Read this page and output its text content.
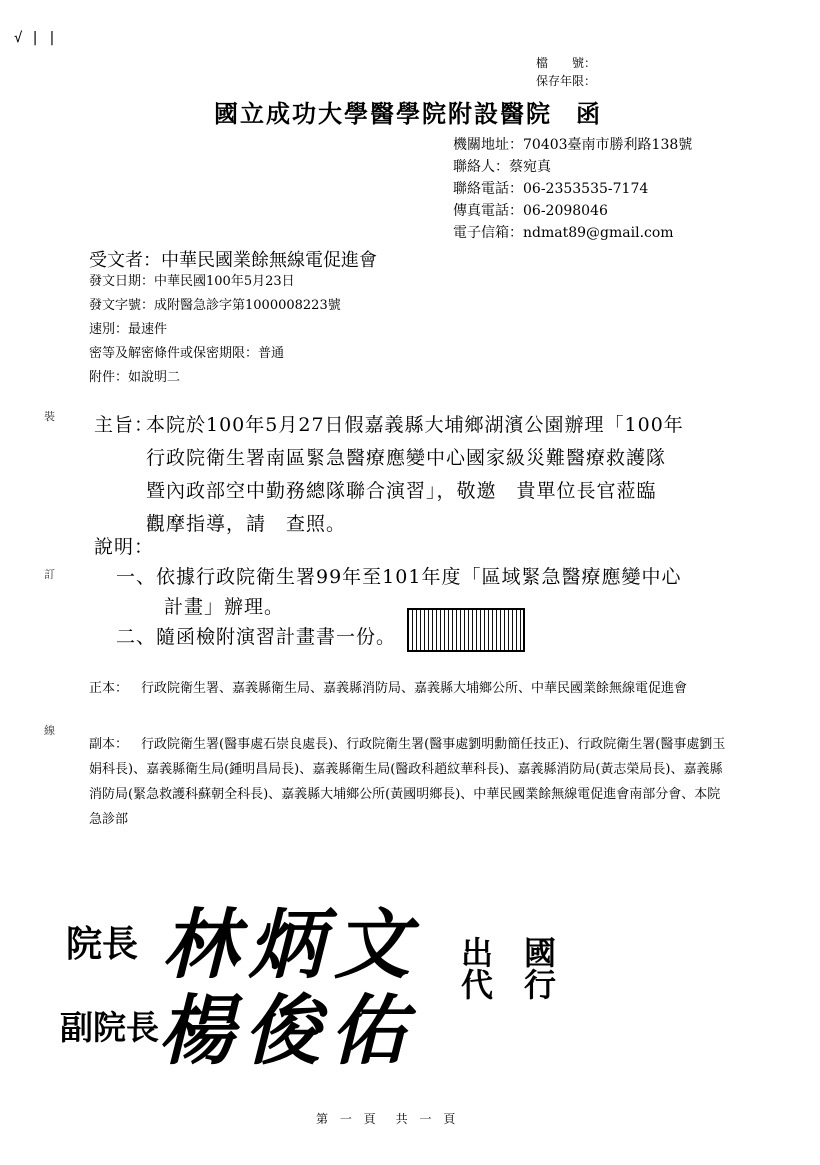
√ | |
檔　　號：
保存年限：
國立成功大學醫學院附設醫院 函
機關地址：70403臺南市勝利路138號
聯絡人：蔡宛真
聯絡電話：06-2353535-7174
傳真電話：06-2098046
電子信箱：ndmat89@gmail.com
受文者：中華民國業餘無線電促進會
發文日期：中華民國100年5月23日
發文字號：成附醫急診字第1000008223號
速別：最速件
密等及解密條件或保密期限：普通
附件：如說明二
裝
訂
線
主旨：
本院於100年5月27日假嘉義縣大埔鄉湖濱公園辦理「100年
行政院衛生署南區緊急醫療應變中心國家級災難醫療救護隊
暨內政部空中勤務總隊聯合演習」，敬邀　貴單位長官蒞臨
觀摩指導，請　查照。
說明：
一、依據行政院衛生署99年至101年度「區域緊急醫療應變中心
計畫」辦理。
二、隨函檢附演習計畫書一份。
正本： 行政院衛生署、嘉義縣衛生局、嘉義縣消防局、嘉義縣大埔鄉公所、中華民國業餘無線電促進會
副本： 行政院衛生署(醫事處石崇良處長)、行政院衛生署(醫事處劉明勳簡任技正)、行政院衛生署(醫事處劉玉娟科長)、嘉義縣衛生局(鍾明昌局長)、嘉義縣衛生局(醫政科趙紋華科長)、嘉義縣消防局(黃志榮局長)、嘉義縣消防局(緊急救護科蘇朝全科長)、嘉義縣大埔鄉公所(黃國明鄉長)、中華民國業餘無線電促進會南部分會、本院急診部
院長 林炳文
副院長 楊俊佑
國行
出代
第 一 頁　共 一 頁
